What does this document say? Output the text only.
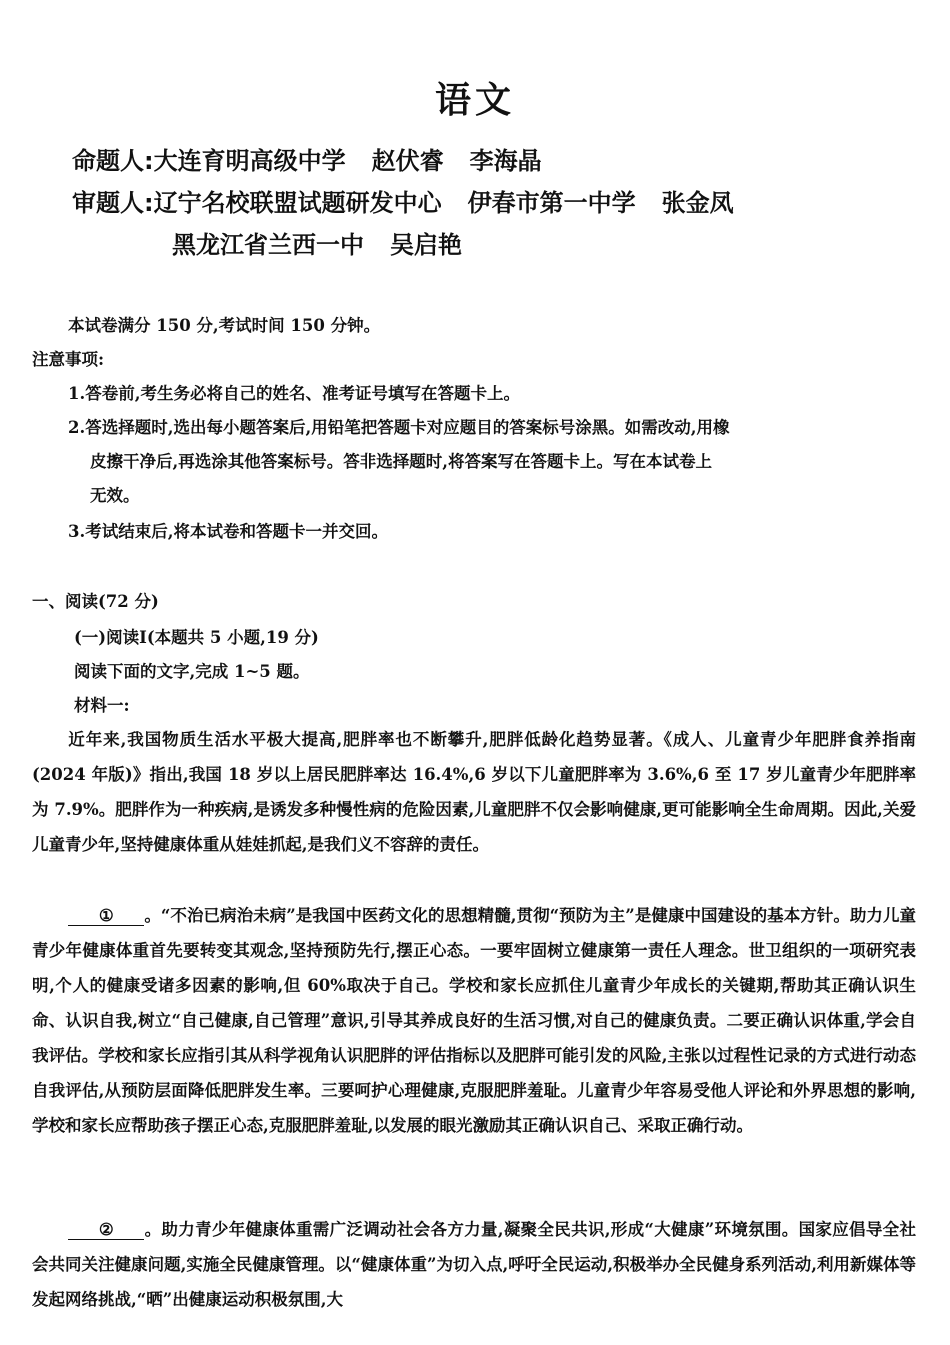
语文
命题人:大连育明高级中学 赵伏睿 李海晶
审题人:辽宁名校联盟试题研发中心 伊春市第一中学 张金凤
黑龙江省兰西一中 吴启艳
本试卷满分 150 分,考试时间 150 分钟。
注意事项:
1.答卷前,考生务必将自己的姓名、准考证号填写在答题卡上。
2.答选择题时,选出每小题答案后,用铅笔把答题卡对应题目的答案标号涂黑。如需改动,用橡
皮擦干净后,再选涂其他答案标号。答非选择题时,将答案写在答题卡上。写在本试卷上
无效。
3.考试结束后,将本试卷和答题卡一并交回。
一、阅读(72 分)
(一)阅读Ⅰ(本题共 5 小题,19 分)
阅读下面的文字,完成 1~5 题。
材料一:
近年来,我国物质生活水平极大提高,肥胖率也不断攀升,肥胖低龄化趋势显著。《成人、儿童青少年肥胖食养指南(2024 年版)》指出,我国 18 岁以上居民肥胖率达 16.4%,6 岁以下儿童肥胖率为 3.6%,6 至 17 岁儿童青少年肥胖率为 7.9%。肥胖作为一种疾病,是诱发多种慢性病的危险因素,儿童肥胖不仅会影响健康,更可能影响全生命周期。因此,关爱儿童青少年,坚持健康体重从娃娃抓起,是我们义不容辞的责任。
① 。“不治已病治未病”是我国中医药文化的思想精髓,贯彻“预防为主”是健康中国建设的基本方针。助力儿童青少年健康体重首先要转变其观念,坚持预防先行,摆正心态。一要牢固树立健康第一责任人理念。世卫组织的一项研究表明,个人的健康受诸多因素的影响,但 60%取决于自己。学校和家长应抓住儿童青少年成长的关键期,帮助其正确认识生命、认识自我,树立“自己健康,自己管理”意识,引导其养成良好的生活习惯,对自己的健康负责。二要正确认识体重,学会自我评估。学校和家长应指引其从科学视角认识肥胖的评估指标以及肥胖可能引发的风险,主张以过程性记录的方式进行动态自我评估,从预防层面降低肥胖发生率。三要呵护心理健康,克服肥胖羞耻。儿童青少年容易受他人评论和外界思想的影响,学校和家长应帮助孩子摆正心态,克服肥胖羞耻,以发展的眼光激励其正确认识自己、采取正确行动。
② 。助力青少年健康体重需广泛调动社会各方力量,凝聚全民共识,形成“大健康”环境氛围。国家应倡导全社会共同关注健康问题,实施全民健康管理。以“健康体重”为切入点,呼吁全民运动,积极举办全民健身系列活动,利用新媒体等发起网络挑战,“晒”出健康运动积极氛围,大
